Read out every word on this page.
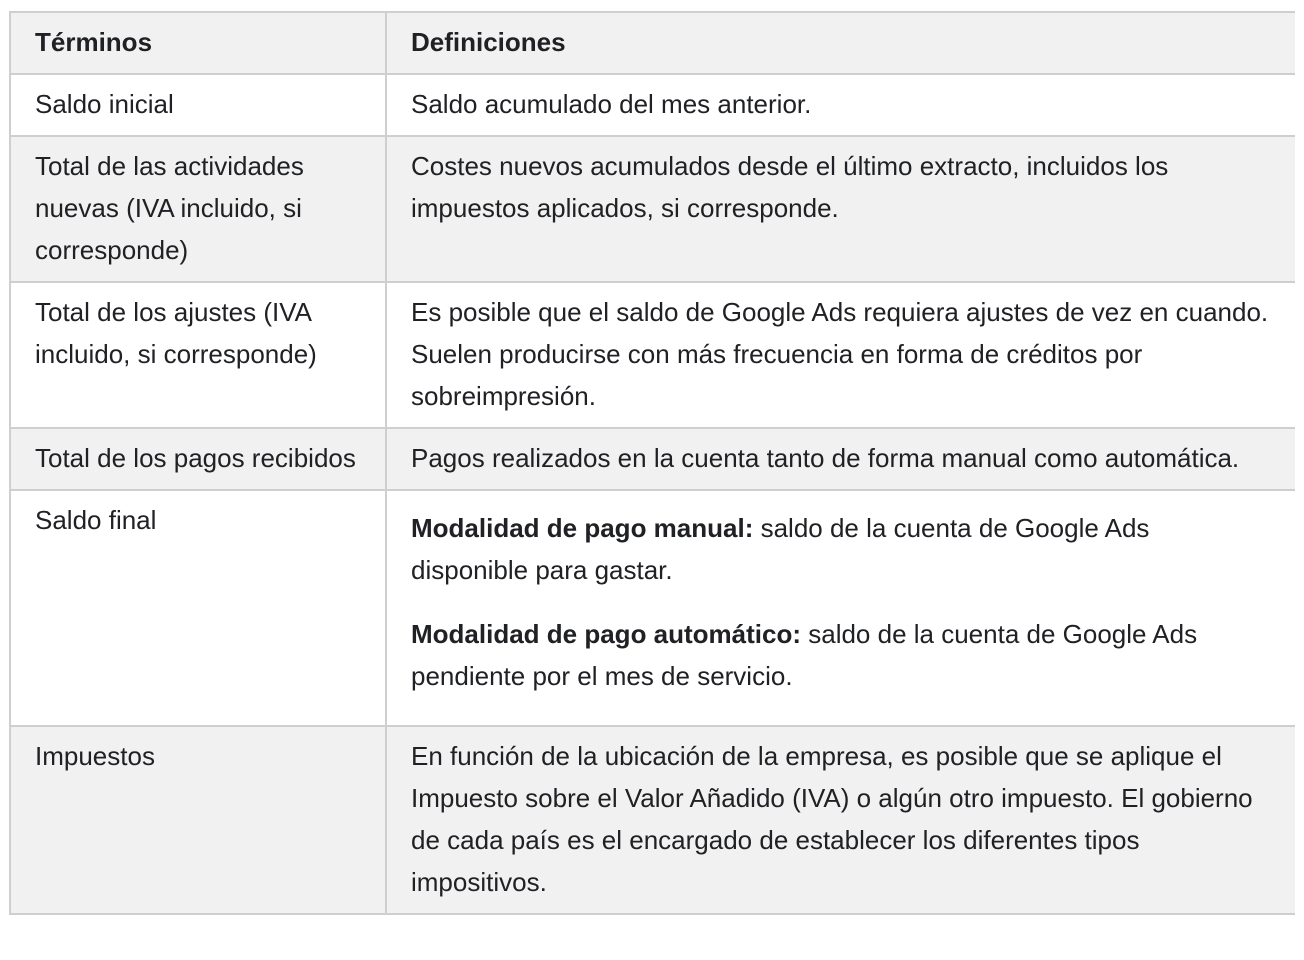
Términos	Definiciones
Saldo inicial	Saldo acumulado del mes anterior.
Total de las actividades nuevas (IVA incluido, si corresponde)	Costes nuevos acumulados desde el último extracto, incluidos los impuestos aplicados, si corresponde.
Total de los ajustes (IVA incluido, si corresponde)	Es posible que el saldo de Google Ads requiera ajustes de vez en cuando. Suelen producirse con más frecuencia en forma de créditos por sobreimpresión.
Total de los pagos recibidos	Pagos realizados en la cuenta tanto de forma manual como automática.
Saldo final	Modalidad de pago manual: saldo de la cuenta de Google Ads disponible para gastar.

Modalidad de pago automático: saldo de la cuenta de Google Ads pendiente por el mes de servicio.

Impuestos	En función de la ubicación de la empresa, es posible que se aplique el Impuesto sobre el Valor Añadido (IVA) o algún otro impuesto. El gobierno de cada país es el encargado de establecer los diferentes tipos impositivos.
